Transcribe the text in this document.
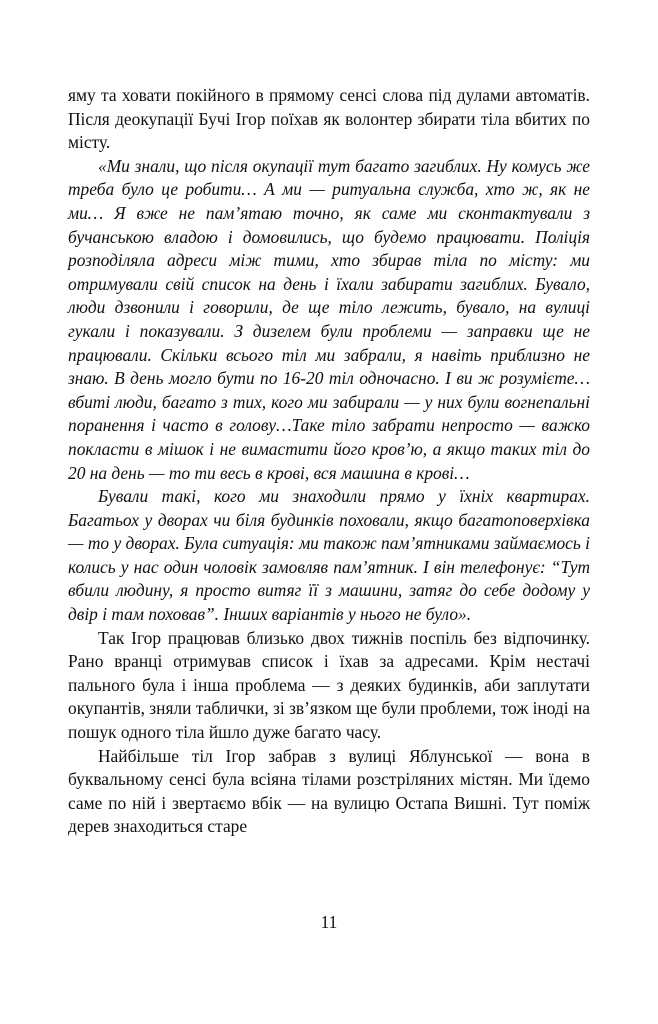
яму та ховати покійного в прямому сенсі слова під дулами автоматів. Після деокупації Бучі Ігор поїхав як волонтер збирати тіла вбитих по місту.

«Ми знали, що після окупації тут багато загиблих. Ну комусь же треба було це робити… А ми — ритуальна служба, хто ж, як не ми… Я вже не пам’ятаю точно, як саме ми сконтактували з бучанською владою і домовились, що будемо працювати. Поліція розподіляла адреси між тими, хто збирав тіла по місту: ми отримували свій список на день і їхали забирати загиблих. Бувало, люди дзвонили і говорили, де ще тіло лежить, бувало, на вулиці гукали і показували. З дизелем були проблеми — заправки ще не працювали. Скільки всього тіл ми забрали, я навіть приблизно не знаю. В день могло бути по 16-20 тіл одночасно. І ви ж розумієте… вбиті люди, багато з тих, кого ми забирали — у них були вогнепальні поранення і часто в голову…Таке тіло забрати непросто — важко покласти в мішок і не вимастити його кров’ю, а якщо таких тіл до 20 на день — то ти весь в крові, вся машина в крові…

Бували такі, кого ми знаходили прямо у їхніх квартирах. Багатьох у дворах чи біля будинків поховали, якщо багатоповерхівка — то у дворах. Була ситуація: ми також пам’ятниками займаємось і колись у нас один чоловік замовляв пам’ятник. І він телефонує: “Тут вбили людину, я просто витяг її з машини, затяг до себе додому у двір і там поховав”. Інших варіантів у нього не було».

Так Ігор працював близько двох тижнів поспіль без відпочинку. Рано вранці отримував список і їхав за адресами. Крім нестачі пального була і інша проблема — з деяких будинків, аби заплутати окупантів, зняли таблички, зі зв’язком ще були проблеми, тож іноді на пошук одного тіла йшло дуже багато часу.

Найбільше тіл Ігор забрав з вулиці Яблунської — вона в буквальному сенсі була всіяна тілами розстріляних містян. Ми їдемо саме по ній і звертаємо вбік — на вулицю Остапа Вишні. Тут поміж дерев знаходиться старе

11
